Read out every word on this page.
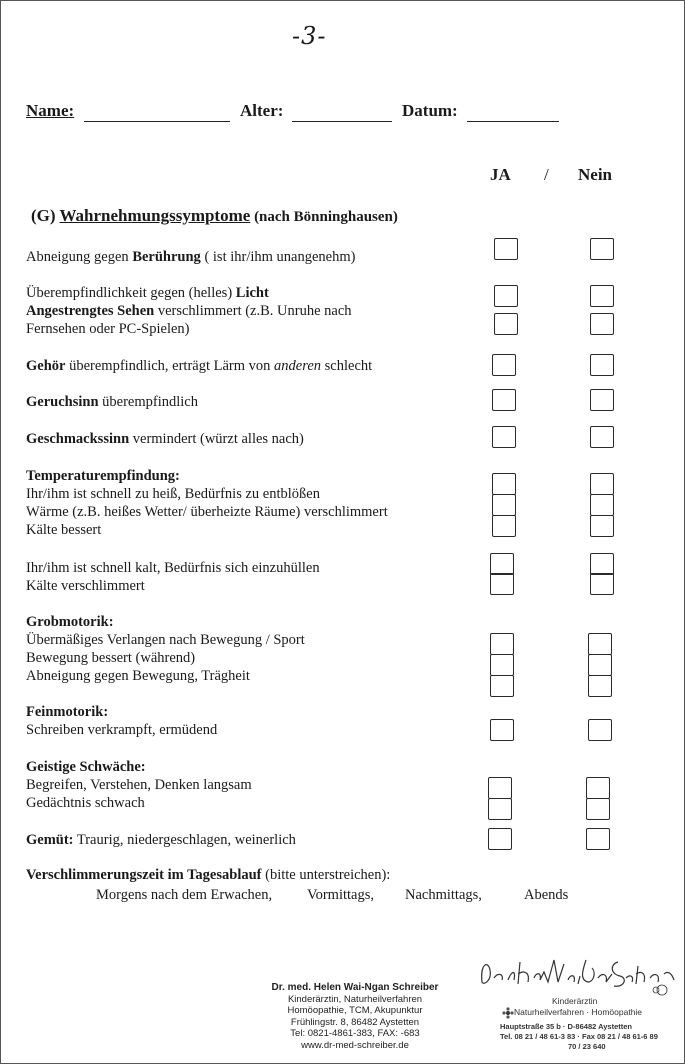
-3-
Name:	Alter:	Datum:
JA / Nein
(G) Wahrnehmungssymptome (nach Bönninghausen)
Abneigung gegen Berührung ( ist ihr/ihm unangenehm)
Überempfindlichkeit gegen (helles) Licht
Angestrengtes Sehen verschlimmert (z.B. Unruhe nach
Fernsehen oder PC-Spielen)
Gehör überempfindlich, erträgt Lärm von anderen schlecht
Geruchsinn überempfindlich
Geschmackssinn vermindert (würzt alles nach)
Temperaturempfindung:
Ihr/ihm ist schnell zu heiß, Bedürfnis zu entblößen
Wärme (z.B. heißes Wetter/ überheizte Räume) verschlimmert
Kälte bessert
Ihr/ihm ist schnell kalt, Bedürfnis sich einzuhüllen
Kälte verschlimmert
Grobmotorik:
Übermäßiges Verlangen nach Bewegung / Sport
Bewegung bessert (während)
Abneigung gegen Bewegung, Trägheit
Feinmotorik:
Schreiben verkrampft, ermüdend
Geistige Schwäche:
Begreifen, Verstehen, Denken langsam
Gedächtnis schwach
Gemüt: Traurig, niedergeschlagen, weinerlich
Verschlimmerungszeit im Tagesablauf (bitte unterstreichen):
Morgens nach dem Erwachen, Vormittags, Nachmittags,	Abends
Dr. med. Helen Wai-Ngan Schreiber
Kinderärztin, Naturheilverfahren
Homöopathie, TCM, Akupunktur
Frühlingstr. 8, 86482 Aystetten
Tel: 0821-4861-383, FAX: -683
www.dr-med-schreiber.de
Kinderärztin
Naturheilverfahren · Homöopathie
Hauptstraße 35 b · D-86482 Aystetten
Tel. 08 21 / 48 61-3 83 · Fax 08 21 / 48 61-6 89
70 / 23 640
